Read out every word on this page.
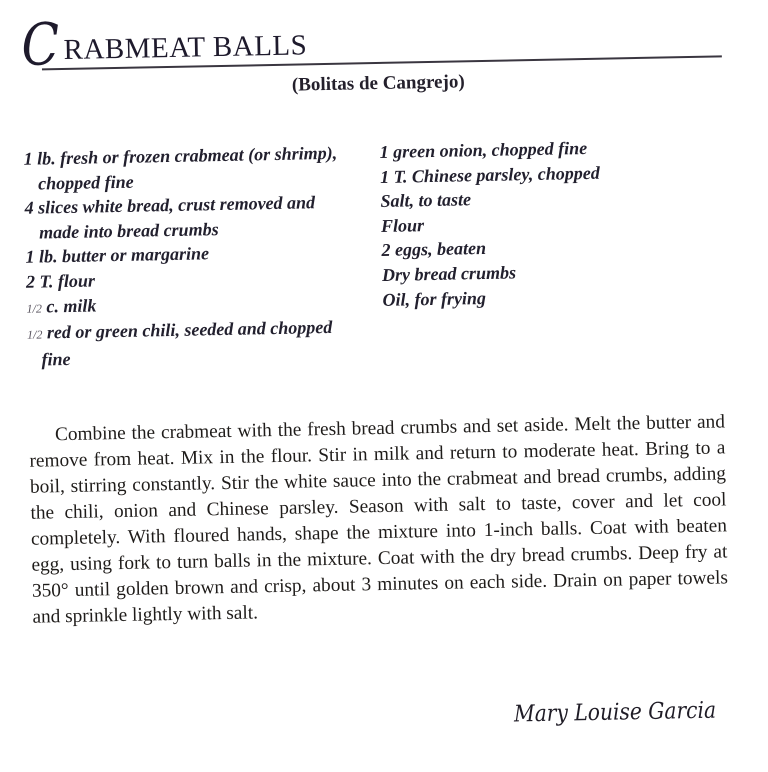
C RABMEAT BALLS
(Bolitas de Cangrejo)
1 lb. fresh or frozen crabmeat (or shrimp), chopped fine
4 slices white bread, crust removed and made into bread crumbs
1 lb. butter or margarine
2 T. flour
1/2 c. milk
1/2 red or green chili, seeded and chopped fine
1 green onion, chopped fine
1 T. Chinese parsley, chopped
Salt, to taste
Flour
2 eggs, beaten
Dry bread crumbs
Oil, for frying

Combine the crabmeat with the fresh bread crumbs and set aside. Melt the butter and remove from heat. Mix in the flour. Stir in milk and return to moderate heat. Bring to a boil, stirring constantly. Stir the white sauce into the crabmeat and bread crumbs, adding the chili, onion and Chinese parsley. Season with salt to taste, cover and let cool completely. With floured hands, shape the mixture into 1-inch balls. Coat with beaten egg, using fork to turn balls in the mixture. Coat with the dry bread crumbs. Deep fry at 350° until golden brown and crisp, about 3 minutes on each side. Drain on paper towels and sprinkle lightly with salt.

Mary Louise Garcia
